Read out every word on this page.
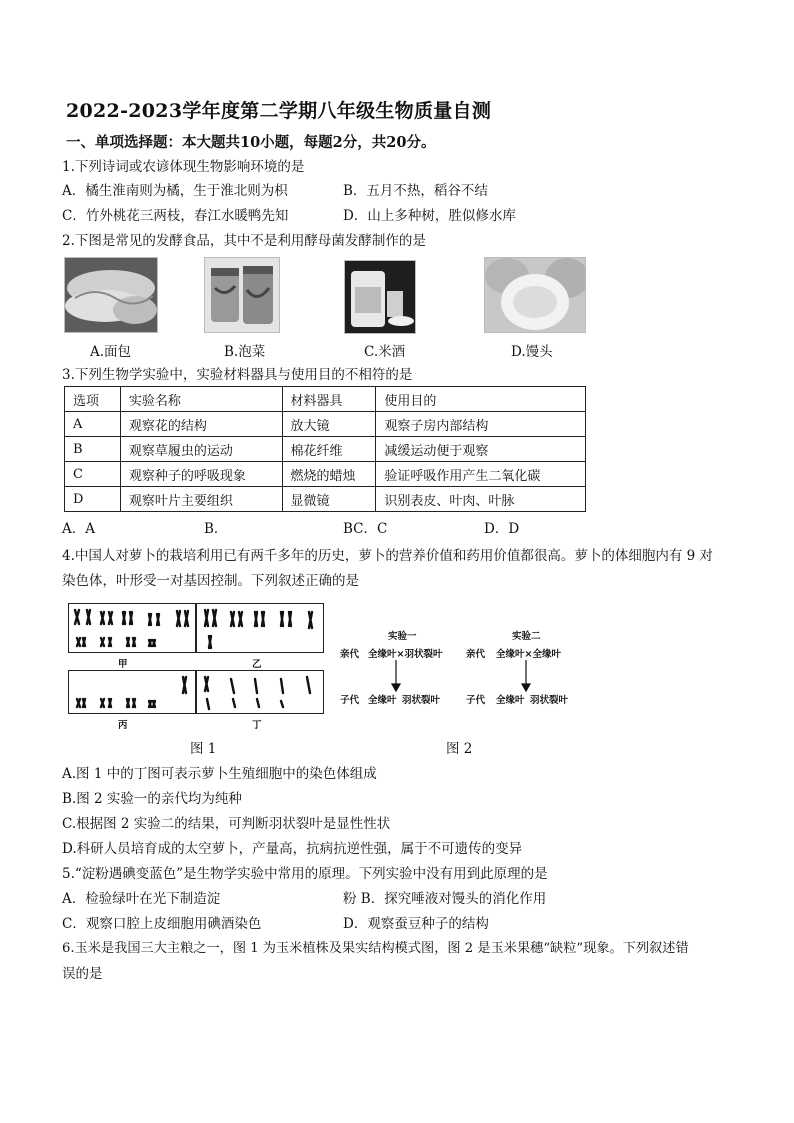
2022-2023学年度第二学期八年级生物质量自测
一、单项选择题：本大题共10小题，每题2分，共20分。
1.下列诗词或农谚体现生物影响环境的是
A．橘生淮南则为橘，生于淮北则为枳	B．五月不热，稻谷不结
C．竹外桃花三两枝，春江水暖鸭先知	D．山上多种树，胜似修水库
2.下图是常见的发酵食品，其中不是利用酵母菌发酵制作的是
A.面包	B.泡菜	C.米酒	D.馒头
3.下列生物学实验中，实验材料器具与使用目的不相符的是
选项	实验名称	材料器具	使用目的
A	观察花的结构	放大镜	观察子房内部结构
B	观察草履虫的运动	棉花纤维	减缓运动便于观察
C	观察种子的呼吸现象	燃烧的蜡烛	验证呼吸作用产生二氧化碳
D	观察叶片主要组织	显微镜	识别表皮、叶肉、叶脉
A．A	B．	BC．C	D．D
4.中国人对萝卜的栽培利用已有两千多年的历史，萝卜的营养价值和药用价值都很高。萝卜的体细胞内有 9 对
染色体，叶形受一对基因控制。下列叙述正确的是
甲	乙
丙	丁
图 1	图 2
实验一
亲代 全缘叶×羽状裂叶
子代 全缘叶 羽状裂叶
实验二
亲代 全缘叶×全缘叶
子代 全缘叶 羽状裂叶
A.图 1 中的丁图可表示萝卜生殖细胞中的染色体组成
B.图 2 实验一的亲代均为纯种
C.根据图 2 实验二的结果，可判断羽状裂叶是显性性状
D.科研人员培育成的太空萝卜，产量高，抗病抗逆性强，属于不可遗传的变异
5.“淀粉遇碘变蓝色”是生物学实验中常用的原理。下列实验中没有用到此原理的是
A．检验绿叶在光下制造淀	粉 B．探究唾液对馒头的消化作用
C．观察口腔上皮细胞用碘酒染色	D．观察蚕豆种子的结构
6.玉米是我国三大主粮之一，图 1 为玉米植株及果实结构模式图，图 2 是玉米果穗“缺粒”现象。下列叙述错
误的是
